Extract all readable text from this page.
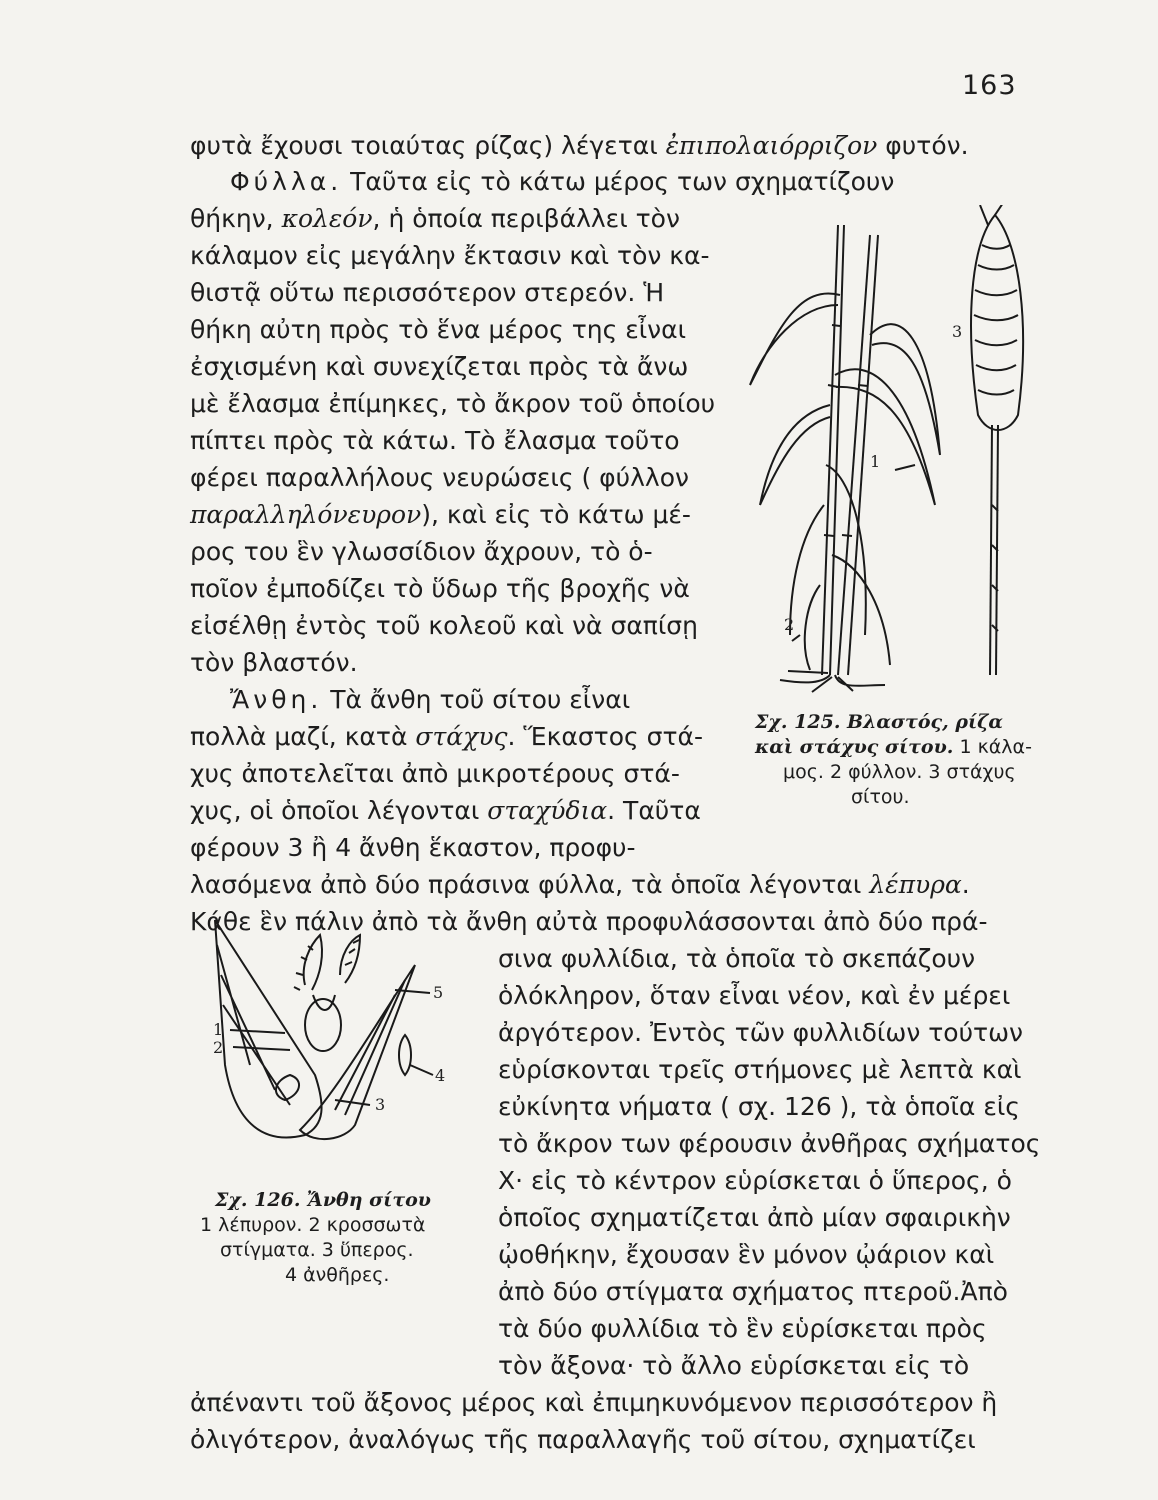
163
φυτὰ ἔχουσι τοιαύτας ρίζας) λέγεται ἐπιπολαιόρριζον φυτόν.
Φύλλα. Ταῦτα εἰς τὸ κάτω μέρος των σχηματίζουν
θήκην, κολεόν, ἡ ὁποία περιβάλλει τὸν
κάλαμον εἰς μεγάλην ἔκτασιν καὶ τὸν κα-
θιστᾷ οὕτω περισσότερον στερεόν. Ἡ
θήκη αὐτη πρὸς τὸ ἕνα μέρος της εἶναι
ἐσχισμένη καὶ συνεχίζεται πρὸς τὰ ἄνω
μὲ ἔλασμα ἐπίμηκες, τὸ ἄκρον τοῦ ὁποίου
πίπτει πρὸς τὰ κάτω. Τὸ ἔλασμα τοῦτο
φέρει παραλλήλους νευρώσεις ( φύλλον
παραλληλόνευρον), καὶ εἰς τὸ κάτω μέ-
ρος του ἓν γλωσσίδιον ἄχρουν, τὸ ὁ-
ποῖον ἐμποδίζει τὸ ὕδωρ τῆς βροχῆς νὰ
εἰσέλθῃ ἐντὸς τοῦ κολεοῦ καὶ νὰ σαπίσῃ
τὸν βλαστόν.
Ἄνθη. Τὰ ἄνθη τοῦ σίτου εἶναι
πολλὰ μαζί, κατὰ στάχυς. Ἕκαστος στά-
χυς ἀποτελεῖται ἀπὸ μικροτέρους στά-
χυς, οἱ ὁποῖοι λέγονται σταχύδια. Ταῦτα
φέρουν 3 ἢ 4 ἄνθη ἕκαστον, προφυ-
λασόμενα ἀπὸ δύο πράσινα φύλλα, τὰ ὁποῖα λέγονται λέπυρα.
Κάθε ἓν πάλιν ἀπὸ τὰ ἄνθη αὐτὰ προφυλάσσονται ἀπὸ δύο πρά-
σινα φυλλίδια, τὰ ὁποῖα τὸ σκεπάζουν
ὁλόκληρον, ὅταν εἶναι νέον, καὶ ἐν μέρει
ἀργότερον. Ἐντὸς τῶν φυλλιδίων τούτων
εὑρίσκονται τρεῖς στήμονες μὲ λεπτὰ καὶ
εὐκίνητα νήματα ( σχ. 126 ), τὰ ὁποῖα εἰς
τὸ ἄκρον των φέρουσιν ἀνθῆρας σχήματος
X· εἰς τὸ κέντρον εὑρίσκεται ὁ ὕπερος, ὁ
ὁποῖος σχηματίζεται ἀπὸ μίαν σφαιρικὴν
ᾠοθήκην, ἔχουσαν ἓν μόνον ᾠάριον καὶ
ἀπὸ δύο στίγματα σχήματος πτεροῦ.Ἀπὸ
τὰ δύο φυλλίδια τὸ ἓν εὑρίσκεται πρὸς
τὸν ἄξονα· τὸ ἄλλο εὑρίσκεται εἰς τὸ
ἀπέναντι τοῦ ἄξονος μέρος καὶ ἐπιμηκυνόμενον περισσότερον ἢ
ὀλιγότερον, ἀναλόγως τῆς παραλλαγῆς τοῦ σίτου, σχηματίζει
1
2
3
Σχ. 125. Βλαστός, ρίζα
καὶ στάχυς σίτου. 1 κάλα-
μος. 2 φύλλον. 3 στάχυς
σίτου.
1
2
3
4
5
Σχ. 126. Ἄνθη σίτου
1 λέπυρον. 2 κροσσωτὰ
στίγματα. 3 ὕπερος.
4 ἀνθῆρες.
